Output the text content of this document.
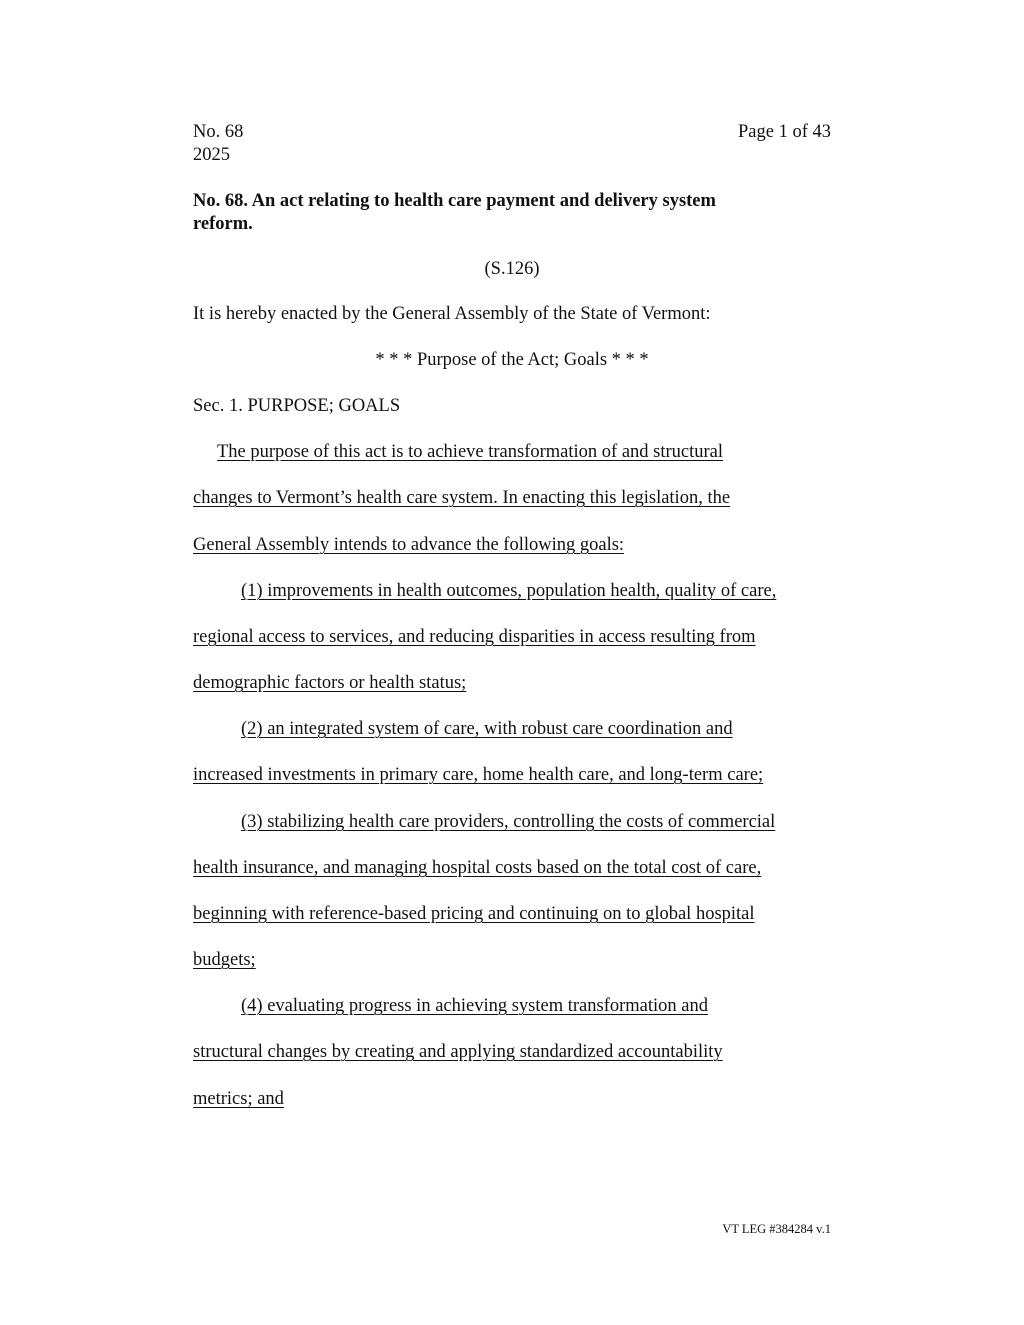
No. 68
2025
Page 1 of 43
No. 68. An act relating to health care payment and delivery system
reform.
(S.126)
It is hereby enacted by the General Assembly of the State of Vermont:
* * * Purpose of the Act; Goals * * *
Sec. 1. PURPOSE; GOALS
The purpose of this act is to achieve transformation of and structural
changes to Vermont’s health care system. In enacting this legislation, the
General Assembly intends to advance the following goals:
(1) improvements in health outcomes, population health, quality of care,
regional access to services, and reducing disparities in access resulting from
demographic factors or health status;
(2) an integrated system of care, with robust care coordination and
increased investments in primary care, home health care, and long-term care;
(3) stabilizing health care providers, controlling the costs of commercial
health insurance, and managing hospital costs based on the total cost of care,
beginning with reference-based pricing and continuing on to global hospital
budgets;
(4) evaluating progress in achieving system transformation and
structural changes by creating and applying standardized accountability
metrics; and
VT LEG #384284 v.1
